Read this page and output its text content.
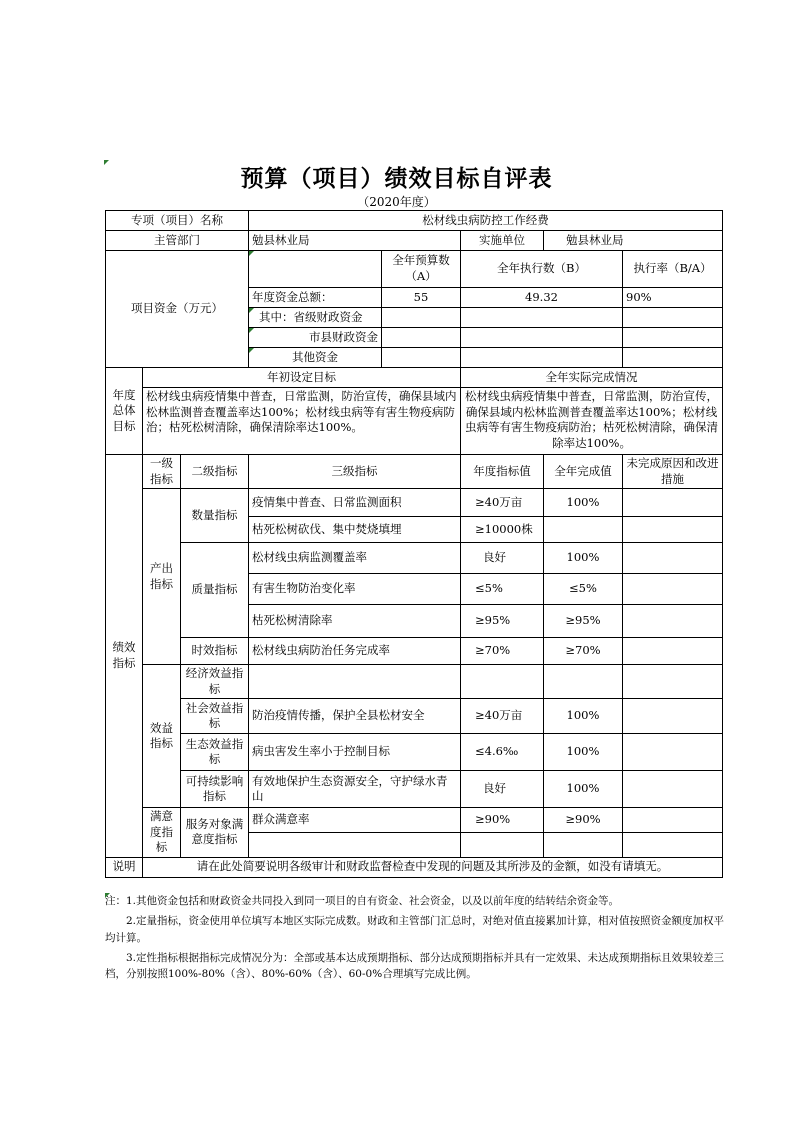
预算（项目）绩效目标自评表
（2020年度）
专项（项目）名称			松材线虫病防控工作经费				
主管部门			勉县林业局		实施单位	勉县林业局	
项目资金（万元）				全年预算数（A）	全年执行数（B）		执行率（B/A）
			年度资金总额：	55	49.32		90%
			其中：省级财政资金				
			市县财政资金				
			其他资金				
年度总体目标	年初设定目标				全年实际完成情况		
	松材线虫病疫情集中普查，日常监测，防治宣传，确保县域内松林监测普查覆盖率达100%；松材线虫病等有害生物疫病防治；枯死松树清除，确保清除率达100%。				松材线虫病疫情集中普查，日常监测，防治宣传，确保县域内松林监测普查覆盖率达100%；松材线虫病等有害生物疫病防治；枯死松树清除，确保清除率达100%。		
绩效指标	一级指标	二级指标	三级指标		年度指标值	全年完成值	未完成原因和改进措施
	产出指标	数量指标	疫情集中普查、日常监测面积		≥40万亩	100%	
			枯死松树砍伐、集中焚烧填埋		≥10000株		
		质量指标	松材线虫病监测覆盖率		良好	100%	
			有害生物防治变化率		≤5%	≤5%	
			枯死松树清除率		≥95%	≥95%	
		时效指标	松材线虫病防治任务完成率		≥70%	≥70%	
	效益指标	经济效益指标					
		社会效益指标	防治疫情传播，保护全县松材安全		≥40万亩	100%	
		生态效益指标	病虫害发生率小于控制目标		≤4.6‰	100%	
		可持续影响指标	有效地保护生态资源安全，守护绿水青山		良好	100%	
	满意度指标	服务对象满意度指标	群众满意率		≥90%	≥90%	

说明	请在此处简要说明各级审计和财政监督检查中发现的问题及其所涉及的金额，如没有请填无。						

注：1.其他资金包括和财政资金共同投入到同一项目的自有资金、社会资金，以及以前年度的结转结余资金等。

2.定量指标，资金使用单位填写本地区实际完成数。财政和主管部门汇总时，对绝对值直接累加计算，相对值按照资金额度加权平均计算。

3.定性指标根据指标完成情况分为：全部或基本达成预期指标、部分达成预期指标并具有一定效果、未达成预期指标且效果较差三档，分别按照100%-80%（含）、80%-60%（含）、60-0%合理填写完成比例。
